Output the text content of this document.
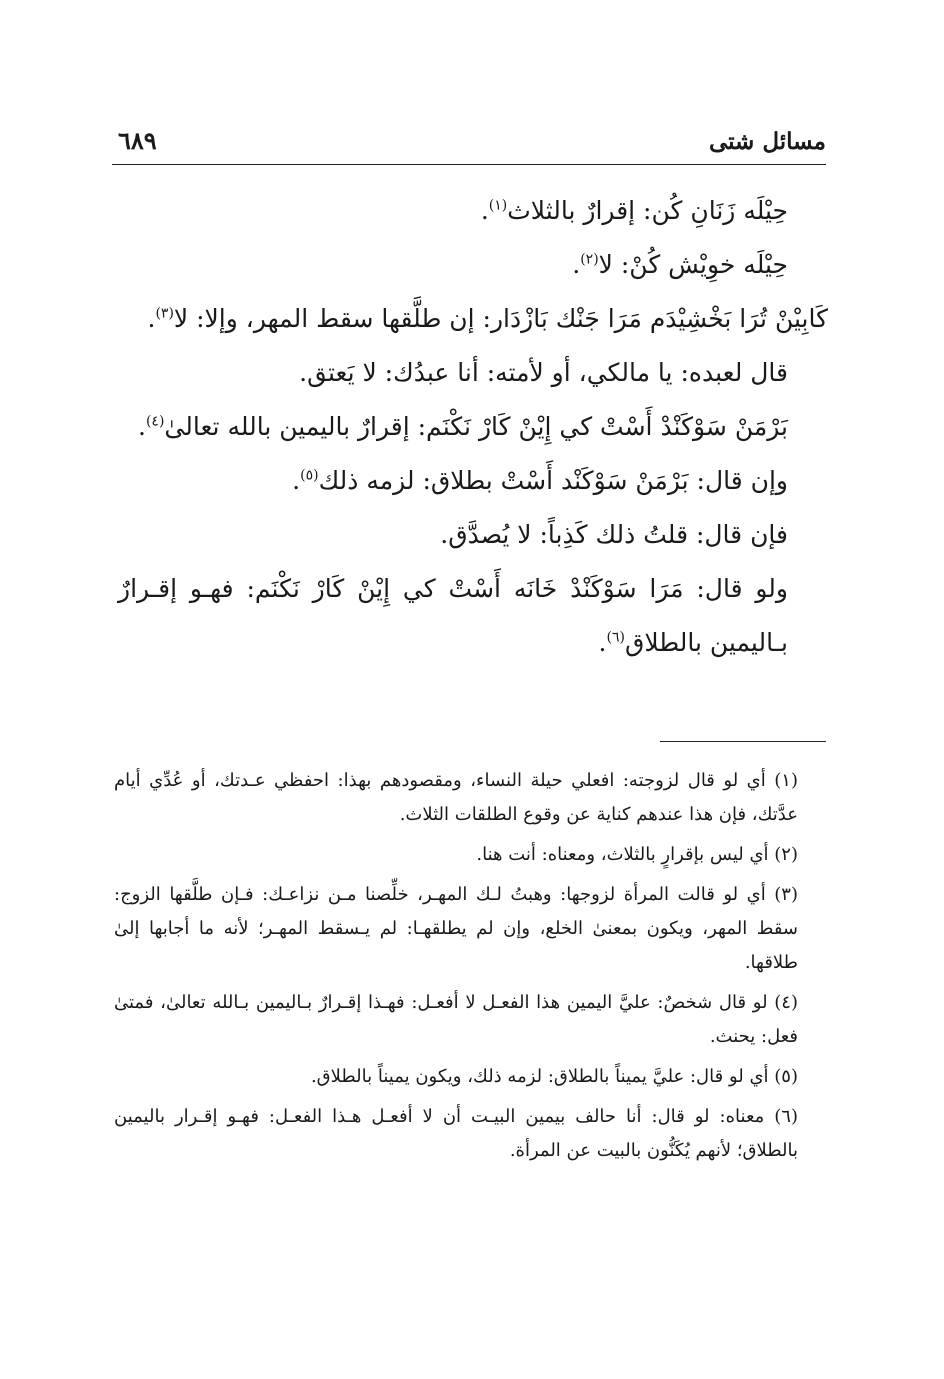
مسائل شتى
٦٨٩

حِيْلَه زَنَانِ كُن: إقرارٌ بالثلاث$^{(١)}$.

حِيْلَه خوِيْش كُنْ: لا$^{(٢)}$.

كَابِيْنْ تُرَا بَخْشِيْدَم مَرَا جَنْك بَازْدَار: إن طلَّقها سقط المهر، وإلا: لا$^{(٣)}$.

قال لعبده: يا مالكي، أو لأمته: أنا عبدُك: لا يَعتق.

بَرْمَنْ سَوْكَنْدْ أَسْتْ كي إِيْنْ كَارْ نَكْنَم: إقرارٌ باليمين بالله تعالىٰ$^{(٤)}$.

وإن قال: بَرْمَنْ سَوْكَنْد أَسْتْ بطلاق: لزمه ذلك$^{(٥)}$.

فإن قال: قلتُ ذلك كَذِباً: لا يُصدَّق.

ولو قال: مَرَا سَوْكَنْدْ خَانَه أَسْتْ كي إِيْنْ كَارْ نَكْنَم: فهـو إقـرارٌ بـاليمين بالطلاق$^{(٦)}$.

(١) أي لو قال لزوجته: افعلي حيلة النساء، ومقصودهم بهذا: احفظي عـدتك، أو عُدِّي أيام عدَّتك، فإن هذا عندهم كناية عن وقوع الطلقات الثلاث.

(٢) أي ليس بإقرارٍ بالثلاث، ومعناه: أنت هنا.

(٣) أي لو قالت المرأة لزوجها: وهبتُ لـك المهـر، خلِّصنا مـن نزاعـك: فـإن طلَّقها الزوج: سقط المهر، ويكون بمعنىٰ الخلع، وإن لم يطلقهـا: لم يـسقط المهـر؛ لأنه ما أجابها إلىٰ طلاقها.

(٤) لو قال شخصٌ: عليَّ اليمين هذا الفعـل لا أفعـل: فهـذا إقـرارٌ بـاليمين بـالله تعالىٰ، فمتىٰ فعل: يحنث.

(٥) أي لو قال: عليَّ يميناً بالطلاق: لزمه ذلك، ويكون يميناً بالطلاق.

(٦) معناه: لو قال: أنا حالف بيمين البيـت أن لا أفعـل هـذا الفعـل: فهـو إقـرار باليمين بالطلاق؛ لأنهم يُكَنُّون بالبيت عن المرأة.
